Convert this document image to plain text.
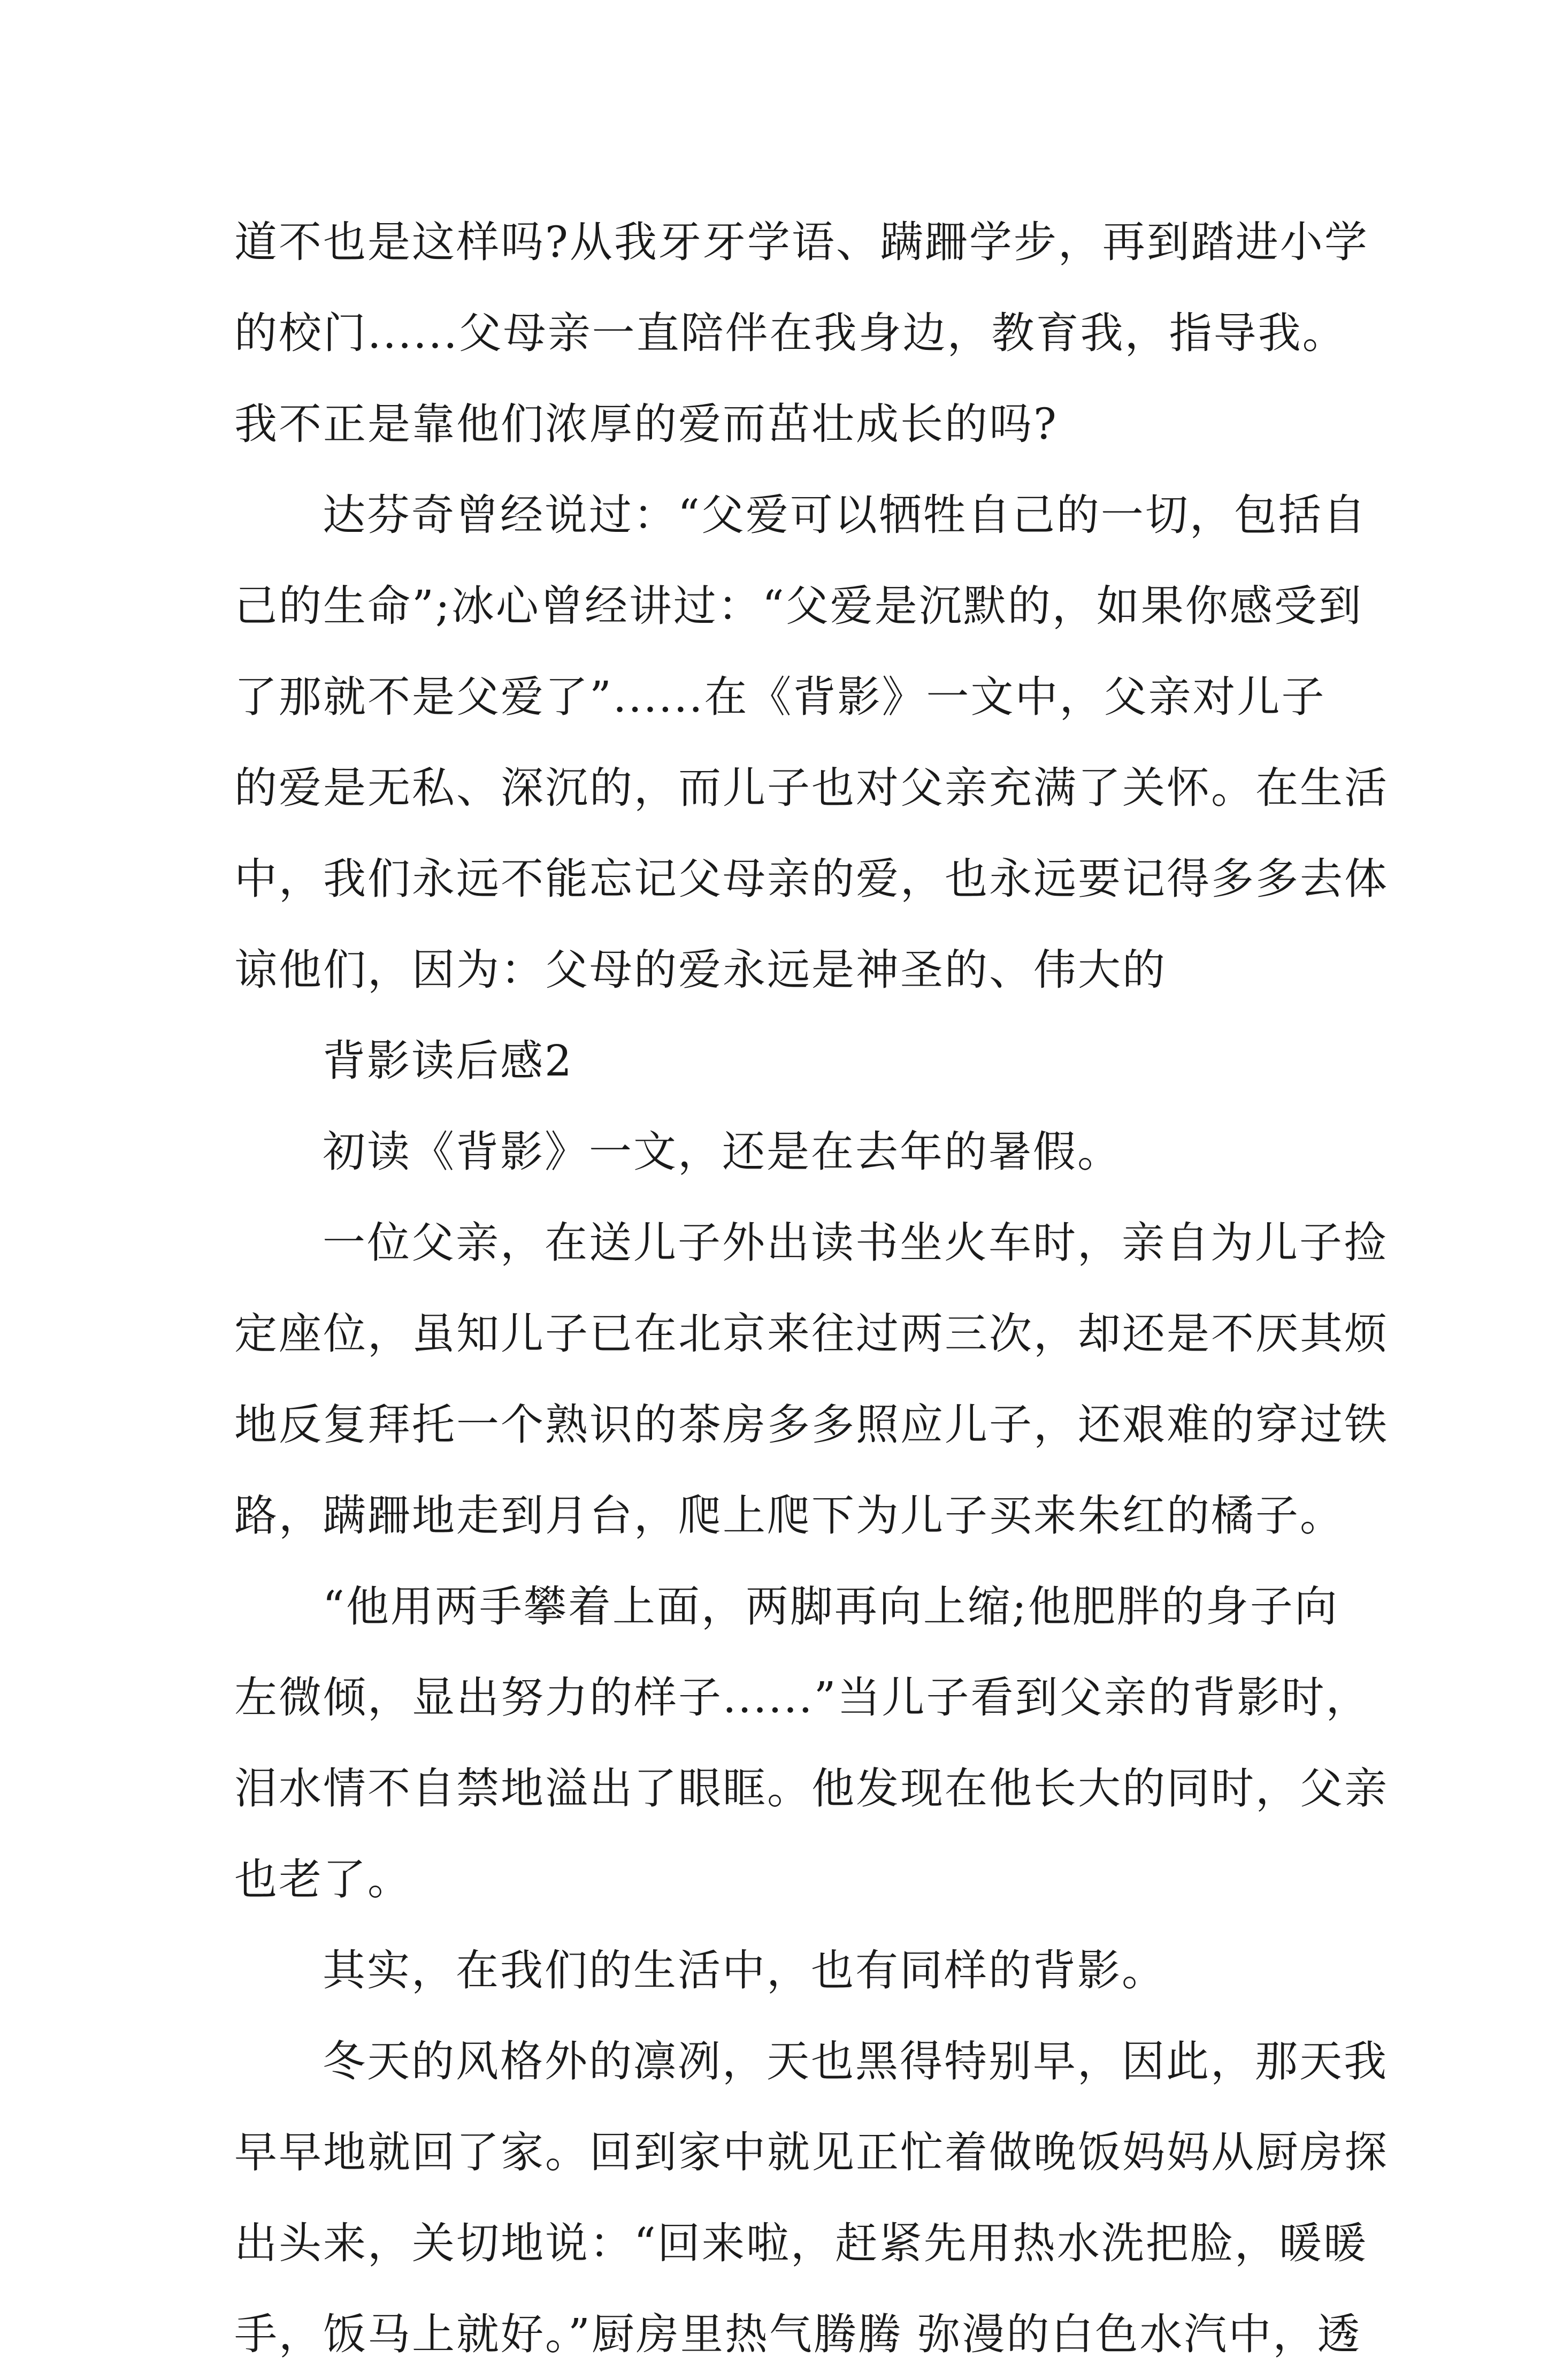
道不也是这样吗?从我牙牙学语、蹒跚学步，再到踏进小学
的校门......父母亲一直陪伴在我身边，教育我，指导我。
我不正是靠他们浓厚的爱而茁壮成长的吗?
达芬奇曾经说过：“父爱可以牺牲自己的一切，包括自
己的生命”;冰心曾经讲过：“父爱是沉默的，如果你感受到
了那就不是父爱了”......在《背影》一文中，父亲对儿子
的爱是无私、深沉的，而儿子也对父亲充满了关怀。在生活
中，我们永远不能忘记父母亲的爱，也永远要记得多多去体
谅他们，因为：父母的爱永远是神圣的、伟大的
背影读后感2
初读《背影》一文，还是在去年的暑假。
一位父亲，在送儿子外出读书坐火车时，亲自为儿子捡
定座位，虽知儿子已在北京来往过两三次，却还是不厌其烦
地反复拜托一个熟识的茶房多多照应儿子，还艰难的穿过铁
路，蹒跚地走到月台，爬上爬下为儿子买来朱红的橘子。
“他用两手攀着上面，两脚再向上缩;他肥胖的身子向
左微倾，显出努力的样子......”当儿子看到父亲的背影时，
泪水情不自禁地溢出了眼眶。他发现在他长大的同时，父亲
也老了。
其实，在我们的生活中，也有同样的背影。
冬天的风格外的凛冽，天也黑得特别早，因此，那天我
早早地就回了家。回到家中就见正忙着做晚饭妈妈从厨房探
出头来，关切地说：“回来啦，赶紧先用热水洗把脸，暖暖
手，饭马上就好。”厨房里热气腾腾 弥漫的白色水汽中，透
